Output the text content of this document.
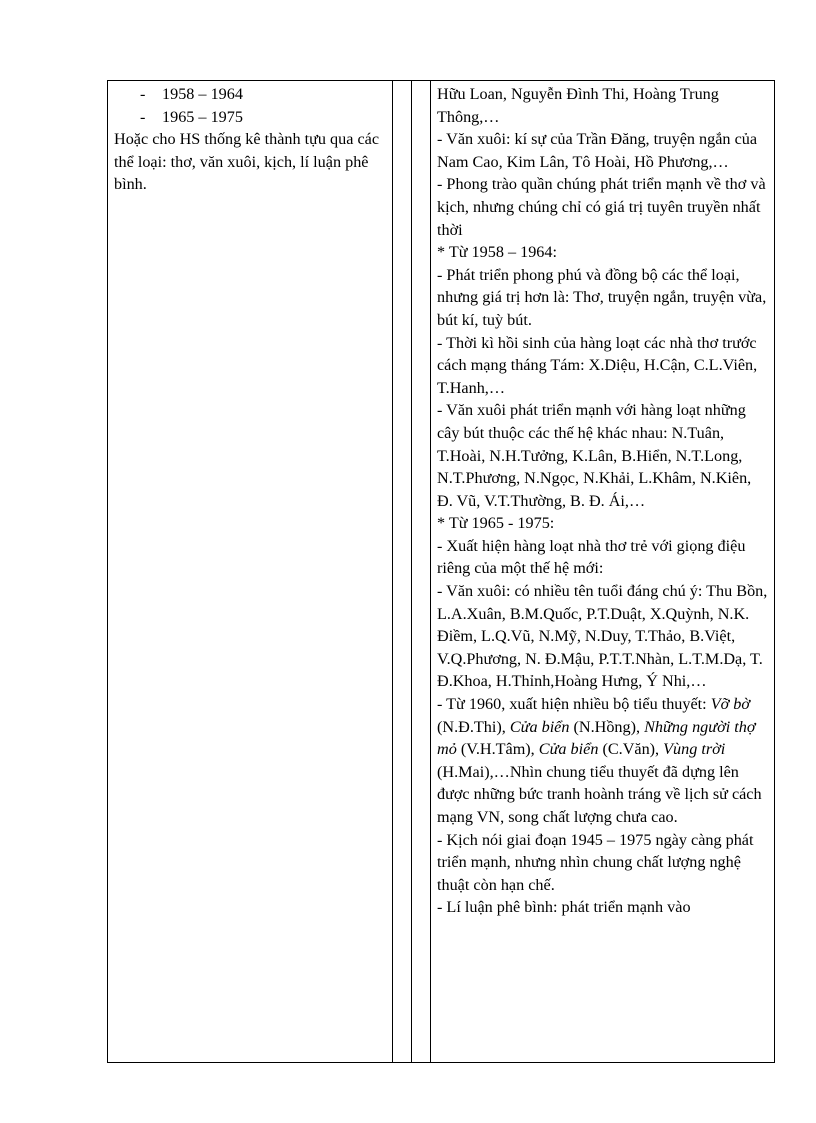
- 1958 – 1964
- 1965 – 1975
Hoặc cho HS thống kê thành tựu qua các thể loại: thơ, văn xuôi, kịch, lí luận phê bình.

Hữu Loan, Nguyễn Đình Thi, Hoàng Trung Thông,…
- Văn xuôi: kí sự của Trần Đăng, truyện ngắn của Nam Cao, Kim Lân, Tô Hoài, Hồ Phương,…
- Phong trào quần chúng phát triển mạnh về thơ và kịch, nhưng chúng chỉ có giá trị tuyên truyền nhất thời
* Từ 1958 – 1964:
- Phát triển phong phú và đồng bộ các thể loại, nhưng giá trị hơn là: Thơ, truyện ngắn, truyện vừa, bút kí, tuỳ bút.
- Thời kì hồi sinh của hàng loạt các nhà thơ trước cách mạng tháng Tám: X.Diệu, H.Cận, C.L.Viên, T.Hanh,…
- Văn xuôi phát triển mạnh với hàng loạt những cây bút thuộc các thế hệ khác nhau: N.Tuân, T.Hoài, N.H.Tưởng, K.Lân, B.Hiển, N.T.Long, N.T.Phương, N.Ngọc, N.Khải, L.Khâm, N.Kiên, Đ. Vũ, V.T.Thường, B. Đ. Ái,…
* Từ 1965 - 1975:
- Xuất hiện hàng loạt nhà thơ trẻ với giọng điệu riêng của một thế hệ mới:
- Văn xuôi: có nhiều tên tuổi đáng chú ý: Thu Bồn, L.A.Xuân, B.M.Quốc, P.T.Duật, X.Quỳnh, N.K. Điềm, L.Q.Vũ, N.Mỹ, N.Duy, T.Thảo, B.Việt, V.Q.Phương, N. Đ.Mậu, P.T.T.Nhàn, L.T.M.Dạ, T. Đ.Khoa, H.Thỉnh,Hoàng Hưng, Ý Nhi,…
- Từ 1960, xuất hiện nhiều bộ tiểu thuyết: Vỡ bờ (N.Đ.Thi), Cửa biển (N.Hồng), Những người thợ mỏ (V.H.Tâm), Cửa biển (C.Văn), Vùng trời (H.Mai),…Nhìn chung tiểu thuyết đã dựng lên được những bức tranh hoành tráng về lịch sử cách mạng VN, song chất lượng chưa cao.
- Kịch nói giai đoạn 1945 – 1975 ngày càng phát triển mạnh, nhưng nhìn chung chất lượng nghệ thuật còn hạn chế.
- Lí luận phê bình: phát triển mạnh vào
